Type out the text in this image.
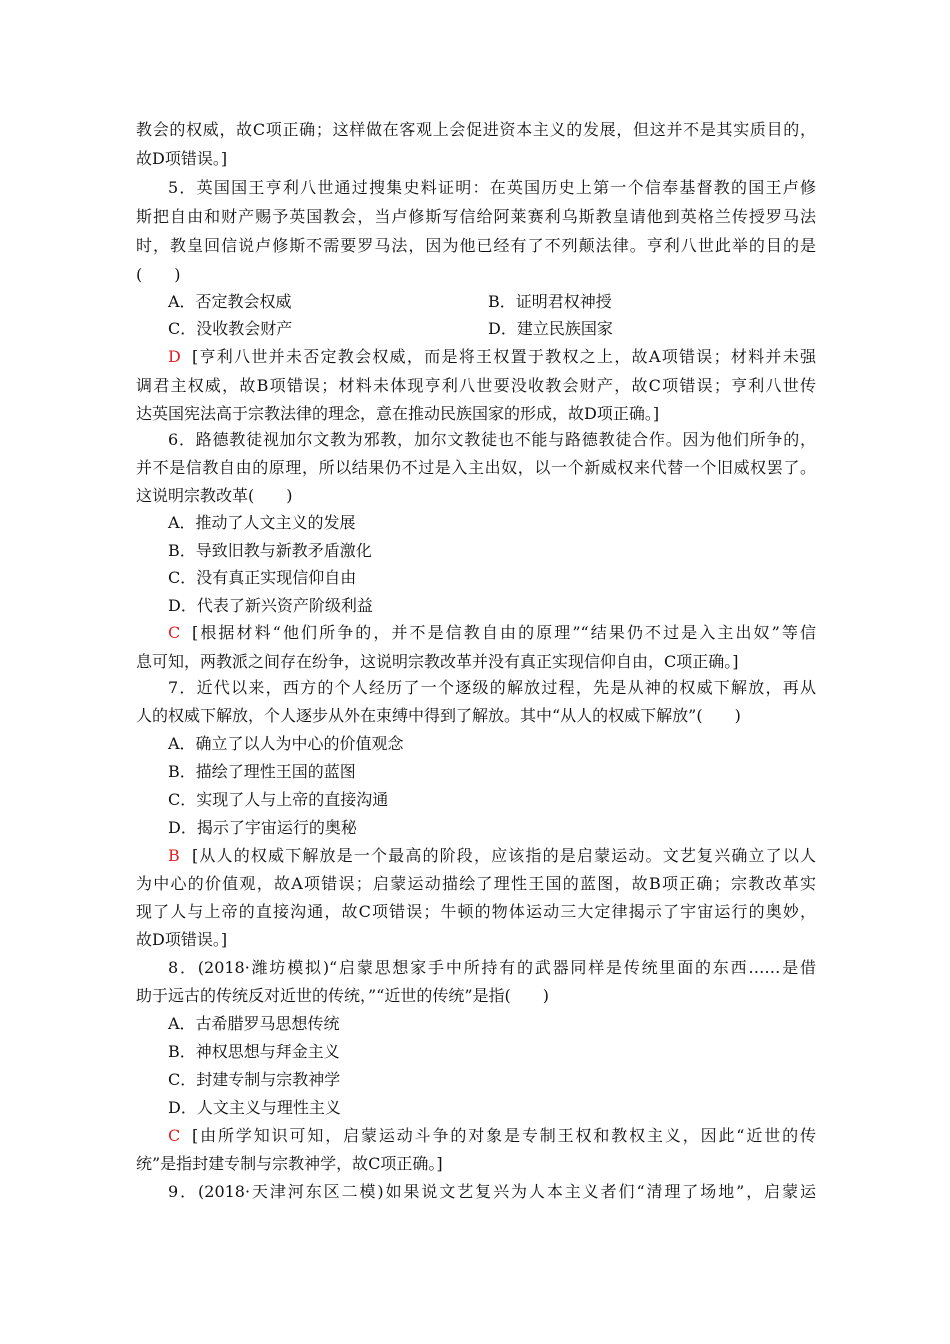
教会的权威，故C项正确；这样做在客观上会促进资本主义的发展，但这并不是其实质目的，
故D项错误。]
5．英国国王亨利八世通过搜集史料证明：在英国历史上第一个信奉基督教的国王卢修
斯把自由和财产赐予英国教会，当卢修斯写信给阿莱赛利乌斯教皇请他到英格兰传授罗马法
时，教皇回信说卢修斯不需要罗马法，因为他已经有了不列颠法律。亨利八世此举的目的是
(　　)
A．否定教会权威	B．证明君权神授
C．没收教会财产	D．建立民族国家
D [亨利八世并未否定教会权威，而是将王权置于教权之上，故A项错误；材料并未强
调君主权威，故B项错误；材料未体现亨利八世要没收教会财产，故C项错误；亨利八世传
达英国宪法高于宗教法律的理念，意在推动民族国家的形成，故D项正确。]
6．路德教徒视加尔文教为邪教，加尔文教徒也不能与路德教徒合作。因为他们所争的，
并不是信教自由的原理，所以结果仍不过是入主出奴，以一个新威权来代替一个旧威权罢了。
这说明宗教改革(　　)
A．推动了人文主义的发展
B．导致旧教与新教矛盾激化
C．没有真正实现信仰自由
D．代表了新兴资产阶级利益
C [根据材料“他们所争的，并不是信教自由的原理”“结果仍不过是入主出奴”等信
息可知，两教派之间存在纷争，这说明宗教改革并没有真正实现信仰自由，C项正确。]
7．近代以来，西方的个人经历了一个逐级的解放过程，先是从神的权威下解放，再从
人的权威下解放，个人逐步从外在束缚中得到了解放。其中“从人的权威下解放”(　　)
A．确立了以人为中心的价值观念
B．描绘了理性王国的蓝图
C．实现了人与上帝的直接沟通
D．揭示了宇宙运行的奥秘
B [从人的权威下解放是一个最高的阶段，应该指的是启蒙运动。文艺复兴确立了以人
为中心的价值观，故A项错误；启蒙运动描绘了理性王国的蓝图，故B项正确；宗教改革实
现了人与上帝的直接沟通，故C项错误；牛顿的物体运动三大定律揭示了宇宙运行的奥妙，
故D项错误。]
8．(2018·潍坊模拟)“启蒙思想家手中所持有的武器同样是传统里面的东西……是借
助于远古的传统反对近世的传统，”“近世的传统”是指(　　)
A．古希腊罗马思想传统
B．神权思想与拜金主义
C．封建专制与宗教神学
D．人文主义与理性主义
C [由所学知识可知，启蒙运动斗争的对象是专制王权和教权主义，因此“近世的传
统”是指封建专制与宗教神学，故C项正确。]
9．(2018·天津河东区二模)如果说文艺复兴为人本主义者们“清理了场地”，启蒙运
